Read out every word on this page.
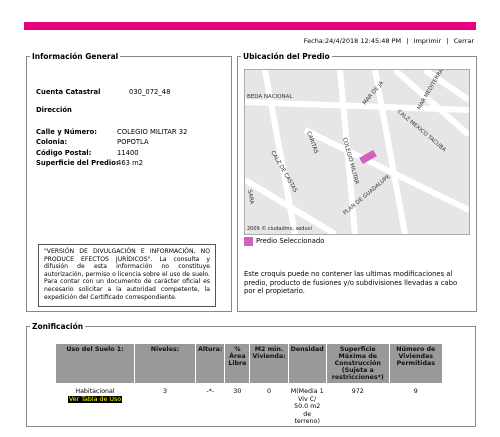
Fecha:24/4/2018 12:45:48 PM | Imprimir | Cerrar
Información General
Cuenta Catastral	030_072_48
Dirección
Calle y Número:	COLEGIO MILITAR 32
Colonia:	POPOTLA
Código Postal:	11400
Superficie del Predio:
463 m2
"VERSIÓN DE DIVULGACIÓN E INFORMACIÓN, NO PRODUCE EFECTOS JURÍDICOS". La consulta y difusión de esta información no constituye autorización, permiso o licencia sobre el uso de suelo. Para contar con un documento de carácter oficial es necesario solicitar a la autoridad competente, la expedición del Certificado correspondiente.
Ubicación del Predio
BEDA NACIONAL
CARITAS	COLEGIO MILITAR
MAR DE JA
CALZ MEXICO TACUBA
CALZ DE CASTAS
PLAN DE GUADALUPE
SARA
2009 © ciudadmx, seduvi
Predio Seleccionado
Este croquis puede no contener las ultimas modificaciones al predio, producto de fusiones y/o subdivisiones llevadas a cabo por el propietario.
Zonificación
Uso del Suelo 1:	Niveles:	Altura:	% Área Libre	M2 min. Vivienda:	Densidad	Superficie Máxima de Construcción (Sujeta a restricciones*)	Número de Viviendas Permitidas

Habitacional
Ver Tabla de Uso	3	-*-	30	0	M(Media 1 Viv C/ 50.0 m2 de terreno)	972	9
